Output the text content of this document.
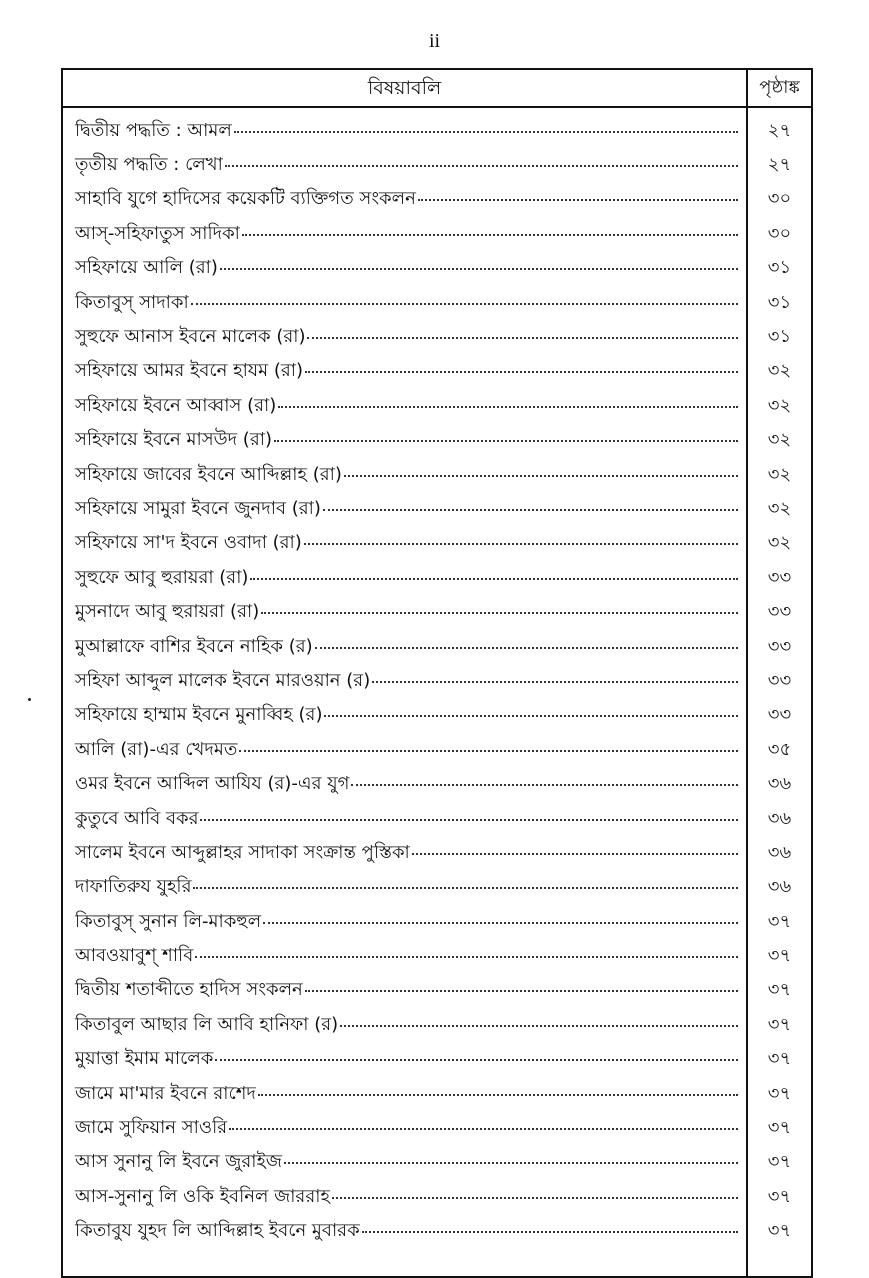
ii
বিষয়াবলি	পৃষ্ঠাঙ্ক
দ্বিতীয় পদ্ধতি : আমল	২৭
তৃতীয় পদ্ধতি : লেখা	২৭
সাহাবি যুগে হাদিসের কয়েকটি ব্যক্তিগত সংকলন	৩০
আস্-সহিফাতুস সাদিকা	৩০
সহিফায়ে আলি (রা)	৩১
কিতাবুস্ সাদাকা	৩১
সুহুফে আনাস ইবনে মালেক (রা)	৩১
সহিফায়ে আমর ইবনে হাযম (রা)	৩২
সহিফায়ে ইবনে আব্বাস (রা)	৩২
সহিফায়ে ইবনে মাসউদ (রা)	৩২
সহিফায়ে জাবের ইবনে আব্দিল্লাহ (রা)	৩২
সহিফায়ে সামুরা ইবনে জুনদাব (রা)	৩২
সহিফায়ে সা'দ ইবনে ওবাদা (রা)	৩২
সুহুফে আবু হুরায়রা (রা)	৩৩
মুসনাদে আবু হুরায়রা (রা)	৩৩
মুআল্লাফে বাশির ইবনে নাহিক (র)	৩৩
সহিফা আব্দুল মালেক ইবনে মারওয়ান (র)	৩৩
সহিফায়ে হাম্মাম ইবনে মুনাব্বিহ (র)	৩৩
আলি (রা)-এর খেদমত	৩৫
ওমর ইবনে আব্দিল আযিয (র)-এর যুগ	৩৬
কুতুবে আবি বকর	৩৬
সালেম ইবনে আব্দুল্লাহর সাদাকা সংক্রান্ত পুস্তিকা	৩৬
দাফাতিরুয যুহরি	৩৬
কিতাবুস্ সুনান লি-মাকহুল	৩৭
আবওয়াবুশ্ শাবি	৩৭
দ্বিতীয় শতাব্দীতে হাদিস সংকলন	৩৭
কিতাবুল আছার লি আবি হানিফা (র)	৩৭
মুয়াত্তা ইমাম মালেক	৩৭
জামে মা'মার ইবনে রাশেদ	৩৭
জামে সুফিয়ান সাওরি	৩৭
আস সুনানু লি ইবনে জুরাইজ	৩৭
আস-সুনানু লি ওকি ইবনিল জাররাহ	৩৭
কিতাবুয যুহদ লি আব্দিল্লাহ ইবনে মুবারক	৩৭
